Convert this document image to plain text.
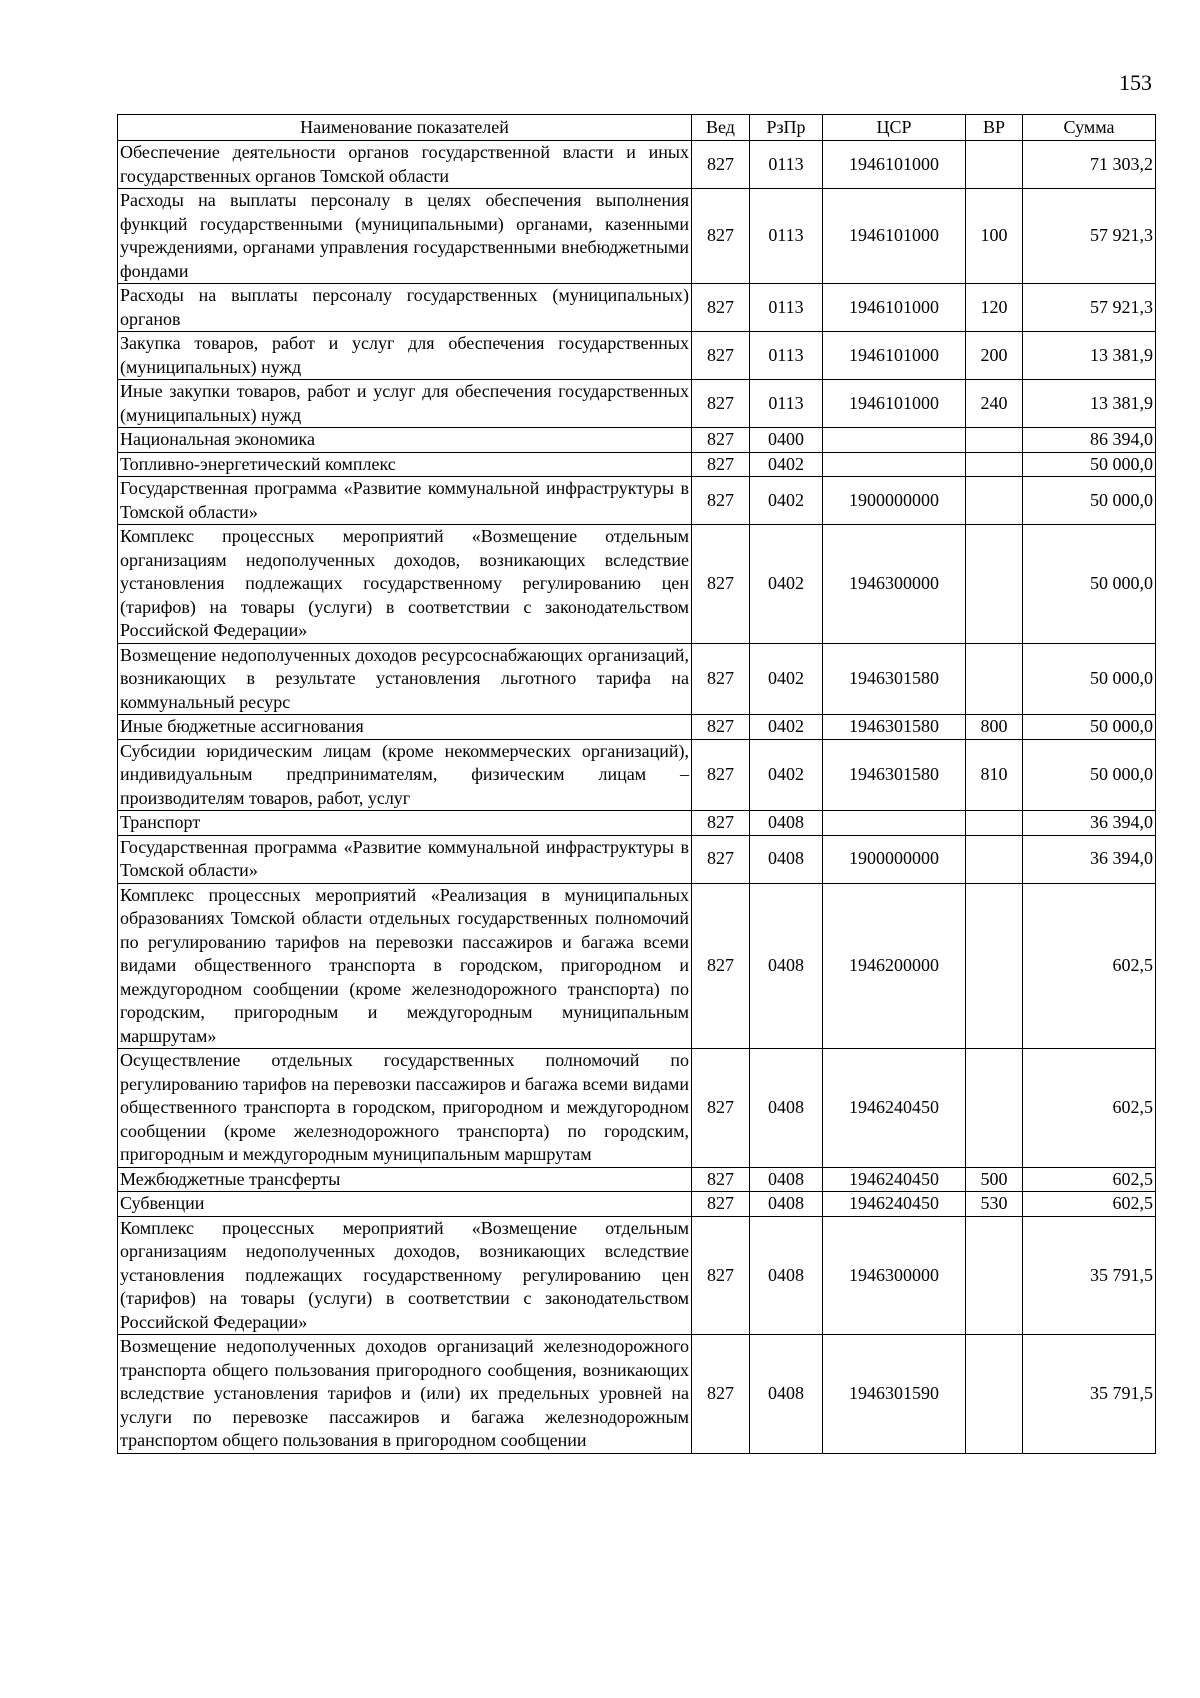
153
Наименование показателей	Вед	РзПр	ЦСР	ВР	Сумма
Обеспечение деятельности органов государственной власти и иных государственных органов Томской области	827	0113	1946101000		71 303,2
Расходы на выплаты персоналу в целях обеспечения выполнения функций государственными (муниципальными) органами, казенными учреждениями, органами управления государственными внебюджетными фондами	827	0113	1946101000	100	57 921,3
Расходы на выплаты персоналу государственных (муниципальных) органов	827	0113	1946101000	120	57 921,3
Закупка товаров, работ и услуг для обеспечения государственных (муниципальных) нужд	827	0113	1946101000	200	13 381,9
Иные закупки товаров, работ и услуг для обеспечения государственных (муниципальных) нужд	827	0113	1946101000	240	13 381,9
Национальная экономика	827	0400			86 394,0
Топливно-энергетический комплекс	827	0402			50 000,0
Государственная программа «Развитие коммунальной инфраструктуры в Томской области»	827	0402	1900000000		50 000,0
Комплекс процессных мероприятий «Возмещение отдельным организациям недополученных доходов, возникающих вследствие установления подлежащих государственному регулированию цен (тарифов) на товары (услуги) в соответствии с законодательством Российской Федерации»	827	0402	1946300000		50 000,0
Возмещение недополученных доходов ресурсоснабжающих организаций, возникающих в результате установления льготного тарифа на коммунальный ресурс	827	0402	1946301580		50 000,0
Иные бюджетные ассигнования	827	0402	1946301580	800	50 000,0
Субсидии юридическим лицам (кроме некоммерческих организаций), индивидуальным предпринимателям, физическим лицам – производителям товаров, работ, услуг	827	0402	1946301580	810	50 000,0
Транспорт	827	0408			36 394,0
Государственная программа «Развитие коммунальной инфраструктуры в Томской области»	827	0408	1900000000		36 394,0
Комплекс процессных мероприятий «Реализация в муниципальных образованиях Томской области отдельных государственных полномочий по регулированию тарифов на перевозки пассажиров и багажа всеми видами общественного транспорта в городском, пригородном и междугородном сообщении (кроме железнодорожного транспорта) по городским, пригородным и междугородным муниципальным маршрутам»	827	0408	1946200000		602,5
Осуществление отдельных государственных полномочий по регулированию тарифов на перевозки пассажиров и багажа всеми видами общественного транспорта в городском, пригородном и междугородном сообщении (кроме железнодорожного транспорта) по городским, пригородным и междугородным муниципальным маршрутам	827	0408	1946240450		602,5
Межбюджетные трансферты	827	0408	1946240450	500	602,5
Субвенции	827	0408	1946240450	530	602,5
Комплекс процессных мероприятий «Возмещение отдельным организациям недополученных доходов, возникающих вследствие установления подлежащих государственному регулированию цен (тарифов) на товары (услуги) в соответствии с законодательством Российской Федерации»	827	0408	1946300000		35 791,5
Возмещение недополученных доходов организаций железнодорожного транспорта общего пользования пригородного сообщения, возникающих вследствие установления тарифов и (или) их предельных уровней на услуги по перевозке пассажиров и багажа железнодорожным транспортом общего пользования в пригородном сообщении	827	0408	1946301590		35 791,5
